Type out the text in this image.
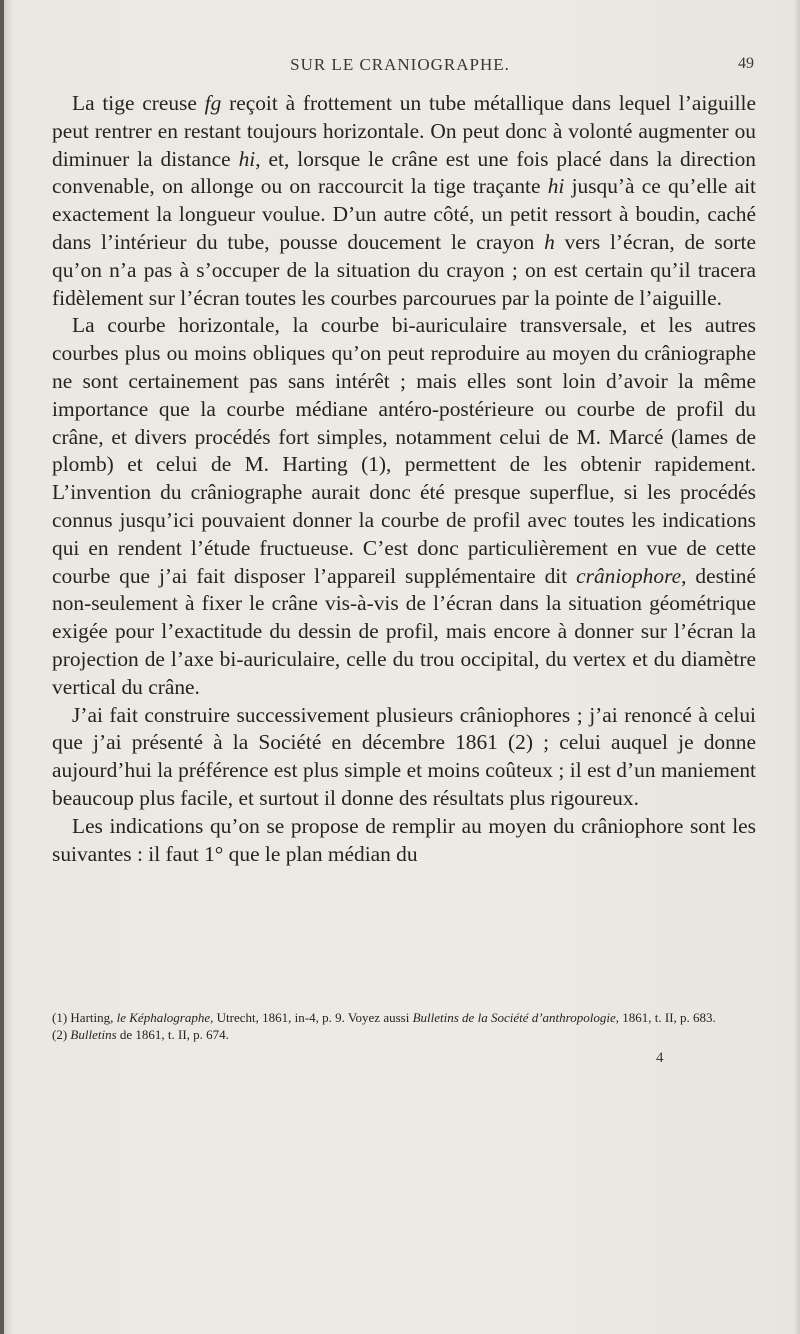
SUR LE CRANIOGRAPHE.	49

La tige creuse fg reçoit à frottement un tube métallique dans lequel l’aiguille peut rentrer en restant toujours horizontale. On peut donc à volonté augmenter ou diminuer la distance hi, et, lorsque le crâne est une fois placé dans la direction convenable, on allonge ou on raccourcit la tige traçante hi jusqu’à ce qu’elle ait exactement la longueur voulue. D’un autre côté, un petit ressort à boudin, caché dans l’intérieur du tube, pousse doucement le crayon h vers l’écran, de sorte qu’on n’a pas à s’occuper de la situation du crayon ; on est certain qu’il tracera fidèlement sur l’écran toutes les courbes parcourues par la pointe de l’aiguille.

La courbe horizontale, la courbe bi-auriculaire transversale, et les autres courbes plus ou moins obliques qu’on peut reproduire au moyen du crâniographe ne sont certainement pas sans intérêt ; mais elles sont loin d’avoir la même importance que la courbe médiane antéro-postérieure ou courbe de profil du crâne, et divers procédés fort simples, notamment celui de M. Marcé (lames de plomb) et celui de M. Harting (1), permettent de les obtenir rapidement. L’invention du crâniographe aurait donc été presque superflue, si les procédés connus jusqu’ici pouvaient donner la courbe de profil avec toutes les indications qui en rendent l’étude fructueuse. C’est donc particulièrement en vue de cette courbe que j’ai fait disposer l’appareil supplémentaire dit crâniophore, destiné non-seulement à fixer le crâne vis-à-vis de l’écran dans la situation géométrique exigée pour l’exactitude du dessin de profil, mais encore à donner sur l’écran la projection de l’axe bi-auriculaire, celle du trou occipital, du vertex et du diamètre vertical du crâne.

J’ai fait construire successivement plusieurs crâniophores ; j’ai renoncé à celui que j’ai présenté à la Société en décembre 1861 (2) ; celui auquel je donne aujourd’hui la préférence est plus simple et moins coûteux ; il est d’un maniement beaucoup plus facile, et surtout il donne des résultats plus rigoureux.

Les indications qu’on se propose de remplir au moyen du crâniophore sont les suivantes : il faut 1° que le plan médian du

(1) Harting, le Képhalographe, Utrecht, 1861, in-4, p. 9. Voyez aussi Bulletins de la Société d’anthropologie, 1861, t. II, p. 683.

(2) Bulletins de 1861, t. II, p. 674.

4
